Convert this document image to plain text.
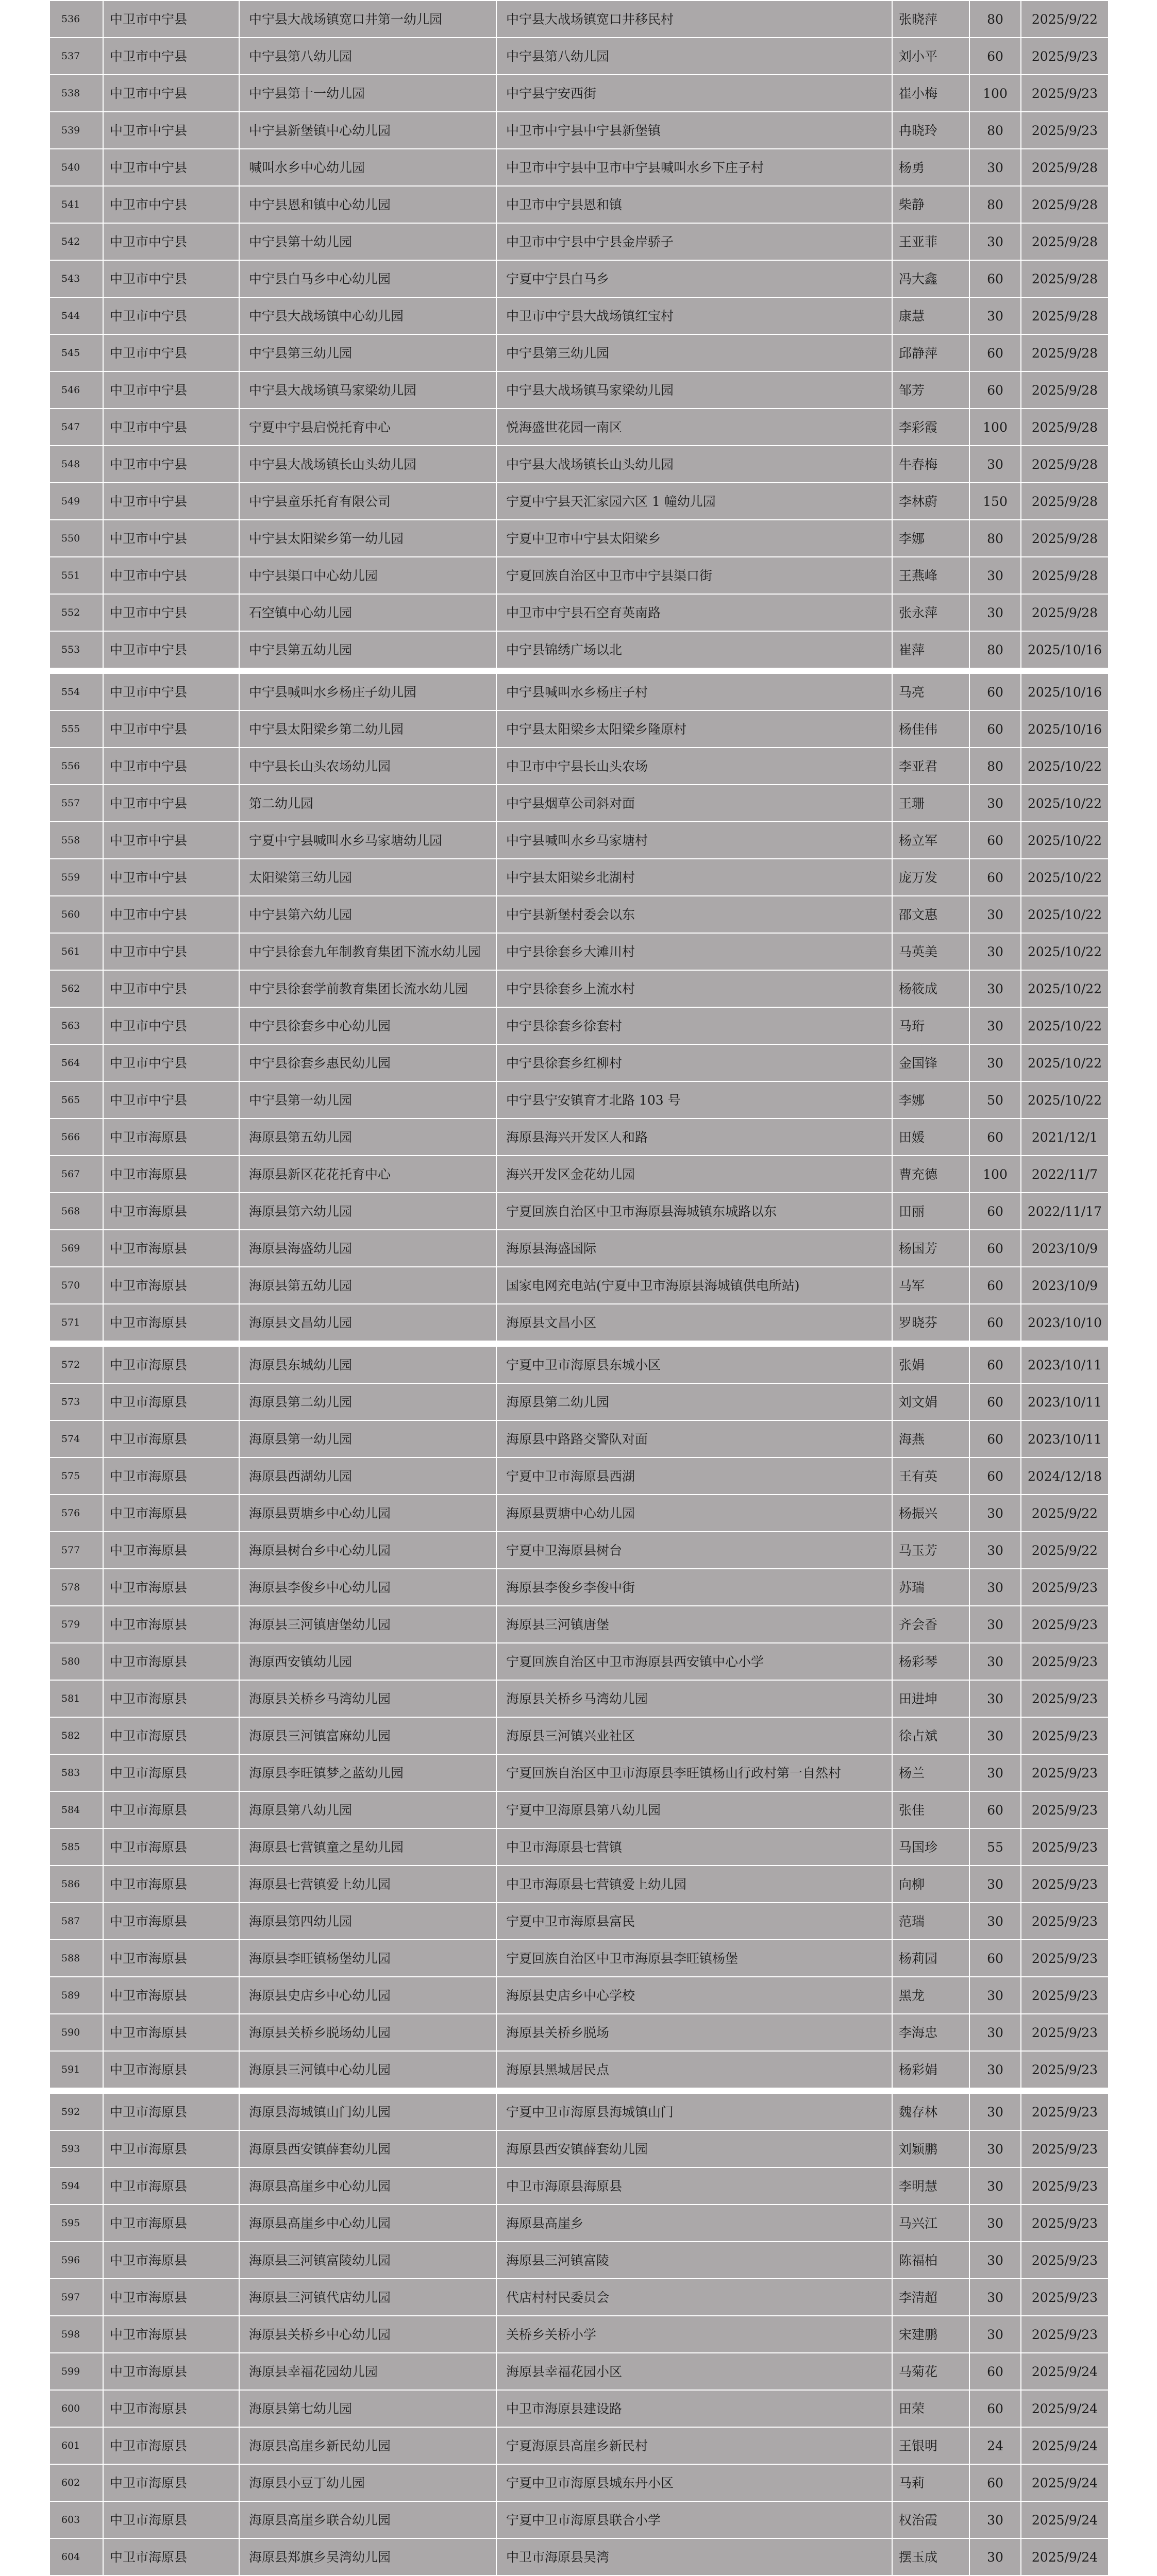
536	中卫市中宁县	中宁县大战场镇宽口井第一幼儿园	中宁县大战场镇宽口井移民村	张晓萍	80	2025/9/22
537	中卫市中宁县	中宁县第八幼儿园	中宁县第八幼儿园	刘小平	60	2025/9/23
538	中卫市中宁县	中宁县第十一幼儿园	中宁县宁安西街	崔小梅	100	2025/9/23
539	中卫市中宁县	中宁县新堡镇中心幼儿园	中卫市中宁县中宁县新堡镇	冉晓玲	80	2025/9/23
540	中卫市中宁县	喊叫水乡中心幼儿园	中卫市中宁县中卫市中宁县喊叫水乡下庄子村	杨勇	30	2025/9/28
541	中卫市中宁县	中宁县恩和镇中心幼儿园	中卫市中宁县恩和镇	柴静	80	2025/9/28
542	中卫市中宁县	中宁县第十幼儿园	中卫市中宁县中宁县金岸骄子	王亚菲	30	2025/9/28
543	中卫市中宁县	中宁县白马乡中心幼儿园	宁夏中宁县白马乡	冯大鑫	60	2025/9/28
544	中卫市中宁县	中宁县大战场镇中心幼儿园	中卫市中宁县大战场镇红宝村	康慧	30	2025/9/28
545	中卫市中宁县	中宁县第三幼儿园	中宁县第三幼儿园	邱静萍	60	2025/9/28
546	中卫市中宁县	中宁县大战场镇马家梁幼儿园	中宁县大战场镇马家梁幼儿园	邹芳	60	2025/9/28
547	中卫市中宁县	宁夏中宁县启悦托育中心	悦海盛世花园一南区	李彩霞	100	2025/9/28
548	中卫市中宁县	中宁县大战场镇长山头幼儿园	中宁县大战场镇长山头幼儿园	牛春梅	30	2025/9/28
549	中卫市中宁县	中宁县童乐托育有限公司	宁夏中宁县天汇家园六区 1 幢幼儿园	李林蔚	150	2025/9/28
550	中卫市中宁县	中宁县太阳梁乡第一幼儿园	宁夏中卫市中宁县太阳梁乡	李娜	80	2025/9/28
551	中卫市中宁县	中宁县渠口中心幼儿园	宁夏回族自治区中卫市中宁县渠口街	王燕峰	30	2025/9/28
552	中卫市中宁县	石空镇中心幼儿园	中卫市中宁县石空育英南路	张永萍	30	2025/9/28
553	中卫市中宁县	中宁县第五幼儿园	中宁县锦绣广场以北	崔萍	80	2025/10/16
554	中卫市中宁县	中宁县喊叫水乡杨庄子幼儿园	中宁县喊叫水乡杨庄子村	马亮	60	2025/10/16
555	中卫市中宁县	中宁县太阳梁乡第二幼儿园	中宁县太阳梁乡太阳梁乡隆原村	杨佳伟	60	2025/10/16
556	中卫市中宁县	中宁县长山头农场幼儿园	中卫市中宁县长山头农场	李亚君	80	2025/10/22
557	中卫市中宁县	第二幼儿园	中宁县烟草公司斜对面	王珊	30	2025/10/22
558	中卫市中宁县	宁夏中宁县喊叫水乡马家塘幼儿园	中宁县喊叫水乡马家塘村	杨立军	60	2025/10/22
559	中卫市中宁县	太阳梁第三幼儿园	中宁县太阳梁乡北湖村	庞万发	60	2025/10/22
560	中卫市中宁县	中宁县第六幼儿园	中宁县新堡村委会以东	邵文惠	30	2025/10/22
561	中卫市中宁县	中宁县徐套九年制教育集团下流水幼儿园	中宁县徐套乡大滩川村	马英美	30	2025/10/22
562	中卫市中宁县	中宁县徐套学前教育集团长流水幼儿园	中宁县徐套乡上流水村	杨筱成	30	2025/10/22
563	中卫市中宁县	中宁县徐套乡中心幼儿园	中宁县徐套乡徐套村	马珩	30	2025/10/22
564	中卫市中宁县	中宁县徐套乡惠民幼儿园	中宁县徐套乡红柳村	金国锋	30	2025/10/22
565	中卫市中宁县	中宁县第一幼儿园	中宁县宁安镇育才北路 103 号	李娜	50	2025/10/22
566	中卫市海原县	海原县第五幼儿园	海原县海兴开发区人和路	田媛	60	2021/12/1
567	中卫市海原县	海原县新区花花托育中心	海兴开发区金花幼儿园	曹充德	100	2022/11/7
568	中卫市海原县	海原县第六幼儿园	宁夏回族自治区中卫市海原县海城镇东城路以东	田丽	60	2022/11/17
569	中卫市海原县	海原县海盛幼儿园	海原县海盛国际	杨国芳	60	2023/10/9
570	中卫市海原县	海原县第五幼儿园	国家电网充电站(宁夏中卫市海原县海城镇供电所站)	马军	60	2023/10/9
571	中卫市海原县	海原县文昌幼儿园	海原县文昌小区	罗晓芬	60	2023/10/10
572	中卫市海原县	海原县东城幼儿园	宁夏中卫市海原县东城小区	张娟	60	2023/10/11
573	中卫市海原县	海原县第二幼儿园	海原县第二幼儿园	刘文娟	60	2023/10/11
574	中卫市海原县	海原县第一幼儿园	海原县中路路交警队对面	海燕	60	2023/10/11
575	中卫市海原县	海原县西湖幼儿园	宁夏中卫市海原县西湖	王有英	60	2024/12/18
576	中卫市海原县	海原县贾塘乡中心幼儿园	海原县贾塘中心幼儿园	杨振兴	30	2025/9/22
577	中卫市海原县	海原县树台乡中心幼儿园	宁夏中卫海原县树台	马玉芳	30	2025/9/22
578	中卫市海原县	海原县李俊乡中心幼儿园	海原县李俊乡李俊中街	苏瑞	30	2025/9/23
579	中卫市海原县	海原县三河镇唐堡幼儿园	海原县三河镇唐堡	齐会香	30	2025/9/23
580	中卫市海原县	海原西安镇幼儿园	宁夏回族自治区中卫市海原县西安镇中心小学	杨彩琴	30	2025/9/23
581	中卫市海原县	海原县关桥乡马湾幼儿园	海原县关桥乡马湾幼儿园	田进坤	30	2025/9/23
582	中卫市海原县	海原县三河镇富麻幼儿园	海原县三河镇兴业社区	徐占斌	30	2025/9/23
583	中卫市海原县	海原县李旺镇梦之蓝幼儿园	宁夏回族自治区中卫市海原县李旺镇杨山行政村第一自然村	杨兰	30	2025/9/23
584	中卫市海原县	海原县第八幼儿园	宁夏中卫海原县第八幼儿园	张佳	60	2025/9/23
585	中卫市海原县	海原县七营镇童之星幼儿园	中卫市海原县七营镇	马国珍	55	2025/9/23
586	中卫市海原县	海原县七营镇爱上幼儿园	中卫市海原县七营镇爱上幼儿园	向柳	30	2025/9/23
587	中卫市海原县	海原县第四幼儿园	宁夏中卫市海原县富民	范瑞	30	2025/9/23
588	中卫市海原县	海原县李旺镇杨堡幼儿园	宁夏回族自治区中卫市海原县李旺镇杨堡	杨莉园	60	2025/9/23
589	中卫市海原县	海原县史店乡中心幼儿园	海原县史店乡中心学校	黑龙	30	2025/9/23
590	中卫市海原县	海原县关桥乡脱场幼儿园	海原县关桥乡脱场	李海忠	30	2025/9/23
591	中卫市海原县	海原县三河镇中心幼儿园	海原县黑城居民点	杨彩娟	30	2025/9/23
592	中卫市海原县	海原县海城镇山门幼儿园	宁夏中卫市海原县海城镇山门	魏存林	30	2025/9/23
593	中卫市海原县	海原县西安镇薛套幼儿园	海原县西安镇薛套幼儿园	刘颖鹏	30	2025/9/23
594	中卫市海原县	海原县高崖乡中心幼儿园	中卫市海原县海原县	李明慧	30	2025/9/23
595	中卫市海原县	海原县高崖乡中心幼儿园	海原县高崖乡	马兴江	30	2025/9/23
596	中卫市海原县	海原县三河镇富陵幼儿园	海原县三河镇富陵	陈福柏	30	2025/9/23
597	中卫市海原县	海原县三河镇代店幼儿园	代店村村民委员会	李清超	30	2025/9/23
598	中卫市海原县	海原县关桥乡中心幼儿园	关桥乡关桥小学	宋建鹏	30	2025/9/23
599	中卫市海原县	海原县幸福花园幼儿园	海原县幸福花园小区	马菊花	60	2025/9/24
600	中卫市海原县	海原县第七幼儿园	中卫市海原县建设路	田荣	60	2025/9/24
601	中卫市海原县	海原县高崖乡新民幼儿园	宁夏海原县高崖乡新民村	王银明	24	2025/9/24
602	中卫市海原县	海原县小豆丁幼儿园	宁夏中卫市海原县城东丹小区	马莉	60	2025/9/24
603	中卫市海原县	海原县高崖乡联合幼儿园	宁夏中卫市海原县联合小学	权治霞	30	2025/9/24
604	中卫市海原县	海原县郑旗乡吴湾幼儿园	中卫市海原县吴湾	摆玉成	30	2025/9/24
